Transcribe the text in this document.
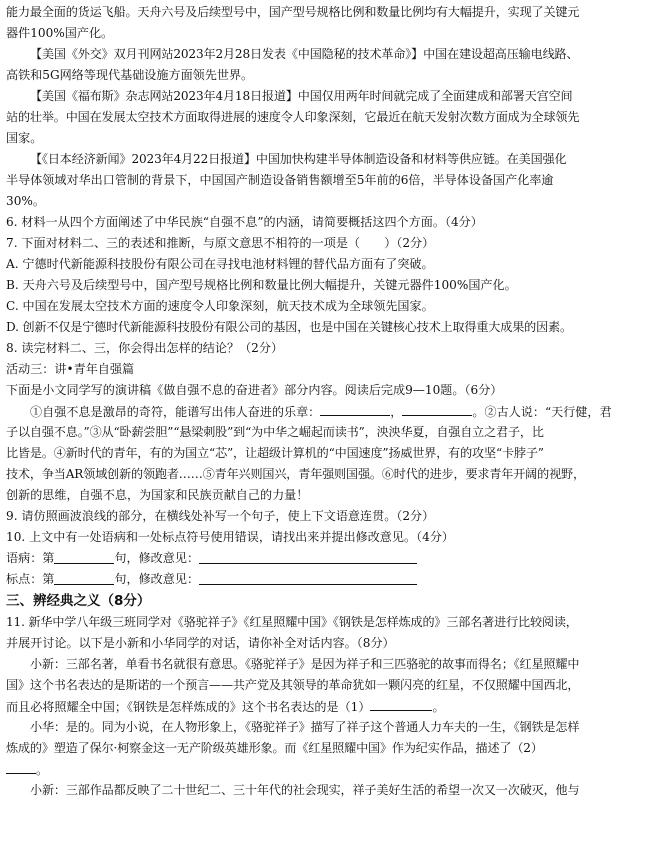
能力最全面的货运飞船。天舟六号及后续型号中，国产型号规格比例和数量比例均有大幅提升，实现了关键元
器件100%国产化。
【美国《外交》双月刊网站2023年2月28日发表《中国隐秘的技术革命》】中国在建设超高压输电线路、
高铁和5G网络等现代基础设施方面领先世界。
【美国《福布斯》杂志网站2023年4月18日报道】中国仅用两年时间就完成了全面建成和部署天宫空间
站的壮举。中国在发展太空技术方面取得进展的速度令人印象深刻，它最近在航天发射次数方面成为全球领先
国家。
【《日本经济新闻》2023年4月22日报道】中国加快构建半导体制造设备和材料等供应链。在美国强化
半导体领域对华出口管制的背景下，中国国产制造设备销售额增至5年前的6倍，半导体设备国产化率逾
30%。
6. 材料一从四个方面阐述了中华民族“自强不息”的内涵，请简要概括这四个方面。（4分）
7. 下面对材料二、三的表述和推断，与原文意思不相符的一项是（　　）（2分）
A. 宁德时代新能源科技股份有限公司在寻找电池材料锂的替代品方面有了突破。
B. 天舟六号及后续型号中，国产型号规格比例和数量比例大幅提升，关键元器件100%国产化。
C. 中国在发展太空技术方面的速度令人印象深刻，航天技术成为全球领先国家。
D. 创新不仅是宁德时代新能源科技股份有限公司的基因，也是中国在关键核心技术上取得重大成果的因素。
8. 读完材料二、三，你会得出怎样的结论？（2分）
活动三：讲•青年自强篇
下面是小文同学写的演讲稿《做自强不息的奋进者》部分内容。阅读后完成9—10题。（6分）
①自强不息是激昂的奇符，能谱写出伟人奋进的乐章：	，	。②古人说：“天行健，君
子以自强不息。”③从“卧薪尝胆”“悬梁刺股”到“为中华之崛起而读书”，泱泱华夏，自强自立之君子，比
比皆是。④新时代的青年，有的为国立“芯”，让超级计算机的“中国速度”扬威世界，有的攻坚“卡脖子”
技术，争当AR领域创新的领跑者……⑤青年兴则国兴，青年强则国强。⑥时代的进步，要求青年开阔的视野，
创新的思维，自强不息，为国家和民族贡献自己的力量！
9. 请仿照画波浪线的部分，在横线处补写一个句子，使上下文语意连贯。（2分）
10. 上文中有一处语病和一处标点符号使用错误，请找出来并提出修改意见。（4分）
语病：第	句，修改意见：
标点：第	句，修改意见：
三、辨经典之义（8分）
11. 新华中学八年级三班同学对《骆驼祥子》《红星照耀中国》《钢铁是怎样炼成的》三部名著进行比较阅读，
并展开讨论。以下是小新和小华同学的对话，请你补全对话内容。（8分）
小新：三部名著，单看书名就很有意思。《骆驼祥子》是因为祥子和三匹骆驼的故事而得名；《红星照耀中
国》这个书名表达的是斯诺的一个预言——共产党及其领导的革命犹如一颗闪亮的红星，不仅照耀中国西北，
而且必将照耀全中国；《钢铁是怎样炼成的》这个书名表达的是（1）	。
小华：是的。同为小说，在人物形象上，《骆驼祥子》描写了祥子这个普通人力车夫的一生，《钢铁是怎样
炼成的》塑造了保尔·柯察金这一无产阶级英雄形象。而《红星照耀中国》作为纪实作品，描述了（2）
。
小新：三部作品都反映了二十世纪二、三十年代的社会现实，祥子美好生活的希望一次又一次破灭，他与
